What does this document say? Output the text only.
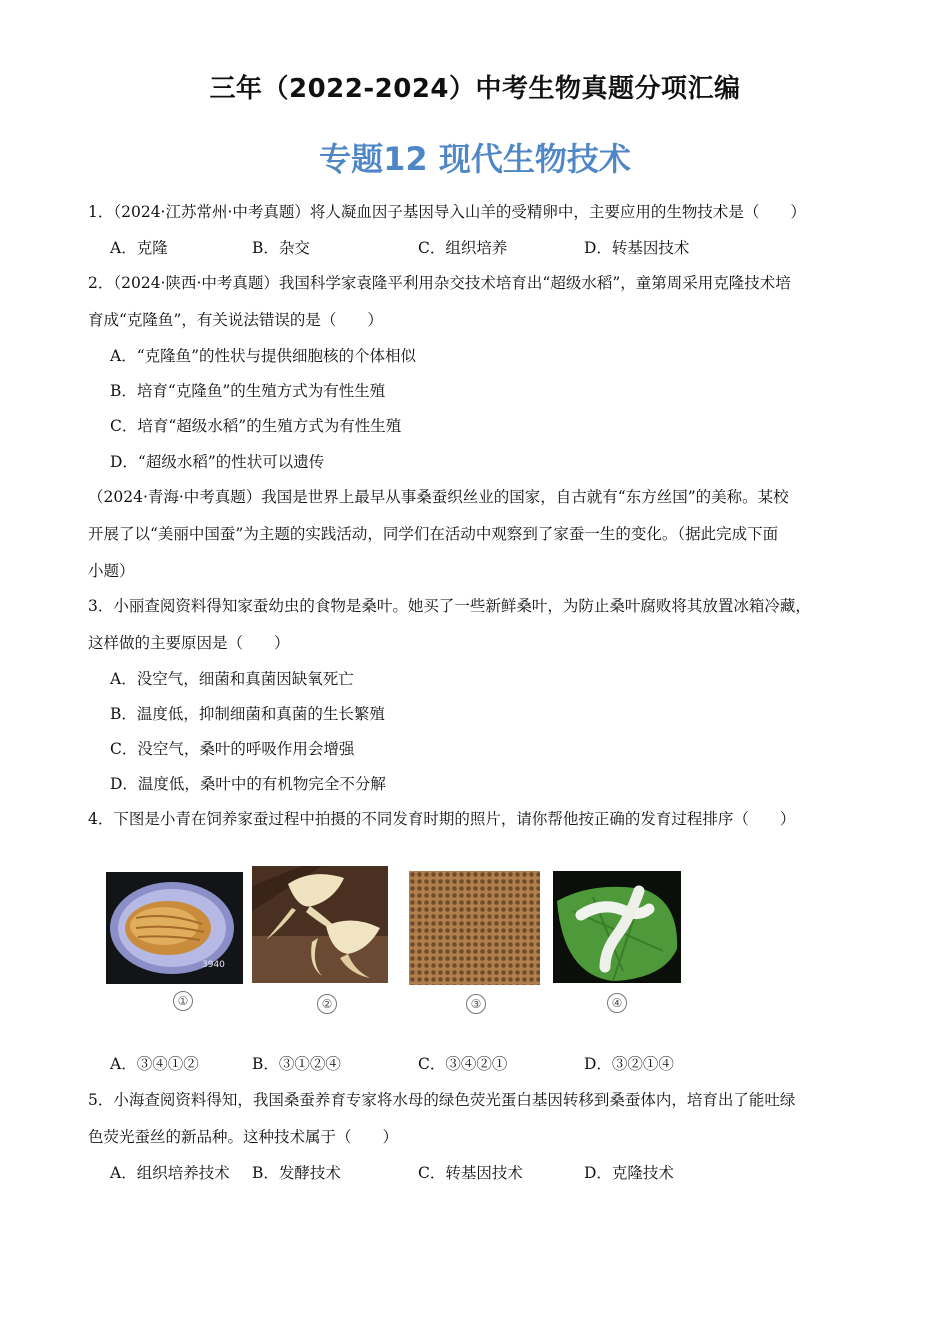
三年（2022-2024）中考生物真题分项汇编
专题12 现代生物技术
1．（2024·江苏常州·中考真题）将人凝血因子基因导入山羊的受精卵中，主要应用的生物技术是（　　）
A．克隆	B．杂交	C．组织培养	D．转基因技术
2．（2024·陕西·中考真题）我国科学家袁隆平利用杂交技术培育出“超级水稻”，童第周采用克隆技术培
育成“克隆鱼”，有关说法错误的是（　　）
A．“克隆鱼”的性状与提供细胞核的个体相似
B．培育“克隆鱼”的生殖方式为有性生殖
C．培育“超级水稻”的生殖方式为有性生殖
D．“超级水稻”的性状可以遗传
（2024·青海·中考真题）我国是世界上最早从事桑蚕织丝业的国家，自古就有“东方丝国”的美称。某校
开展了以“美丽中国蚕”为主题的实践活动，同学们在活动中观察到了家蚕一生的变化。（据此完成下面
小题）
3．小丽查阅资料得知家蚕幼虫的食物是桑叶。她买了一些新鲜桑叶，为防止桑叶腐败将其放置冰箱冷藏，
这样做的主要原因是（　　）
A．没空气，细菌和真菌因缺氧死亡
B．温度低，抑制细菌和真菌的生长繁殖
C．没空气，桑叶的呼吸作用会增强
D．温度低，桑叶中的有机物完全不分解
4．下图是小青在饲养家蚕过程中拍摄的不同发育时期的照片，请你帮他按正确的发育过程排序（　　）
3940
①	②	③	④
A．③④①②	B．③①②④	C．③④②①	D．③②①④
5．小海查阅资料得知，我国桑蚕养育专家将水母的绿色荧光蛋白基因转移到桑蚕体内，培育出了能吐绿
色荧光蚕丝的新品种。这种技术属于（　　）
A．组织培养技术 B．发酵技术	C．转基因技术	D．克隆技术
